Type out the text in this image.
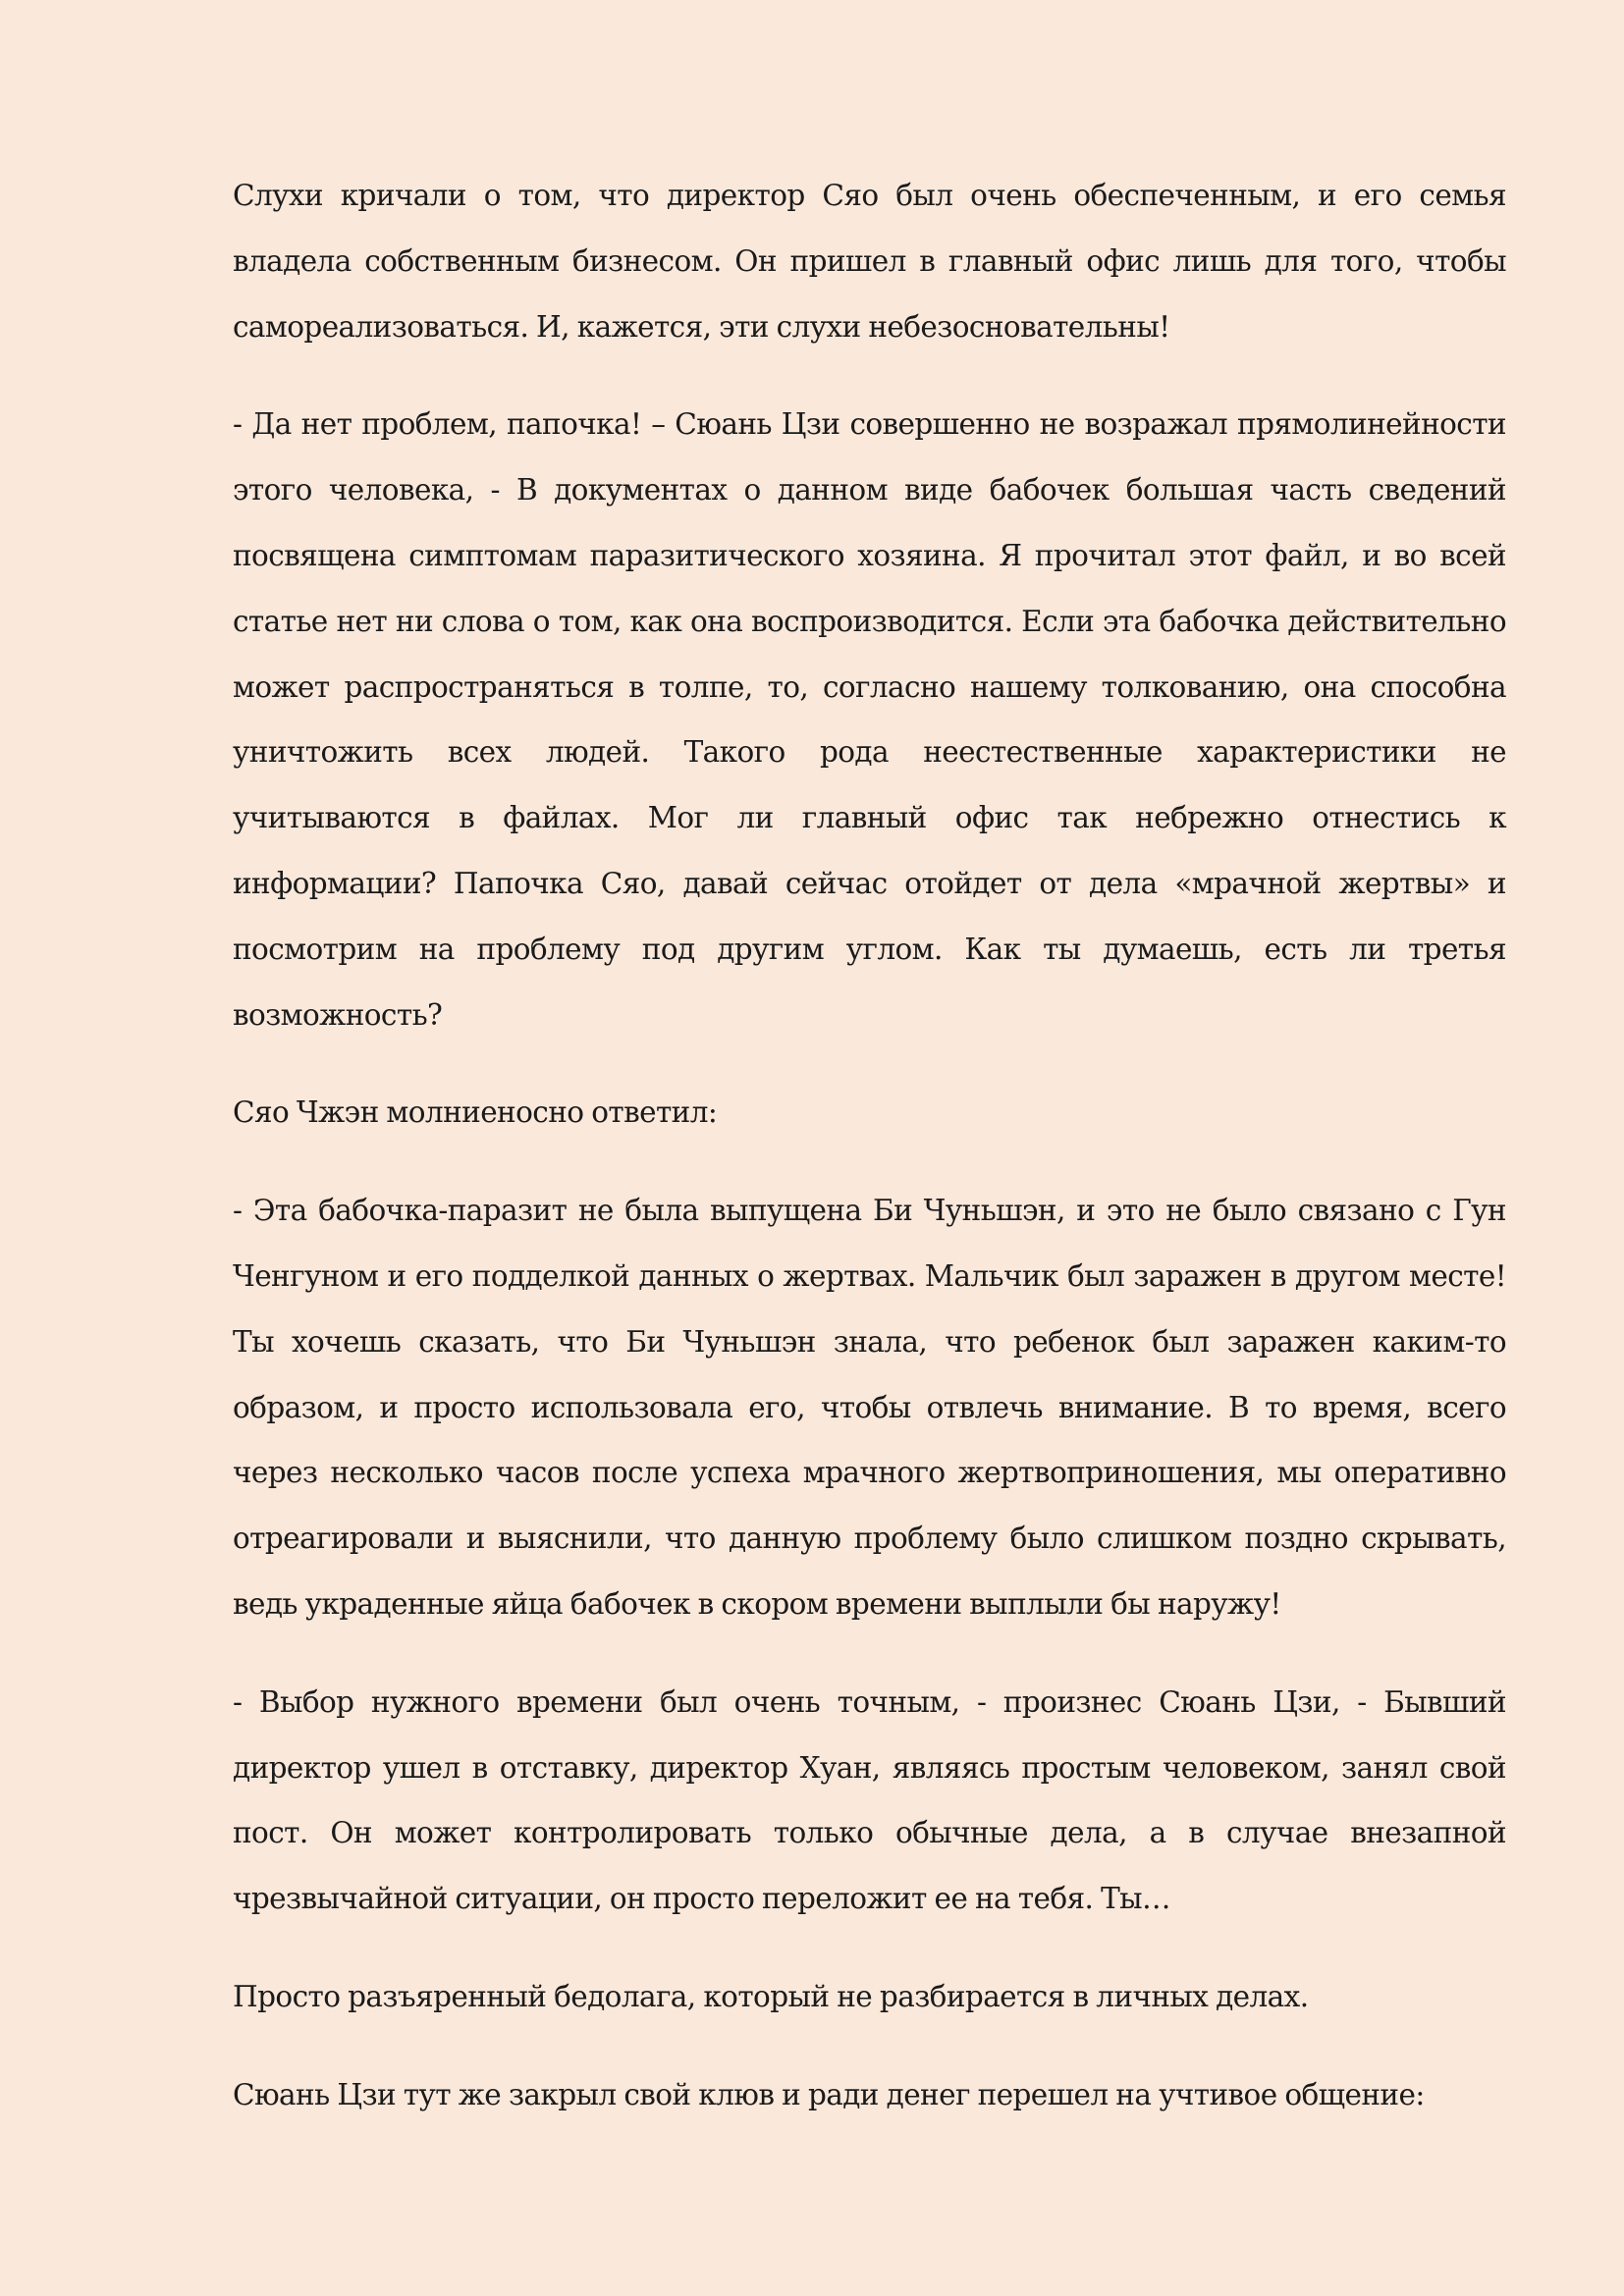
Слухи кричали о том, что директор Сяо был очень обеспеченным, и его семья владела собственным бизнесом. Он пришел в главный офис лишь для того, чтобы самореализоваться. И, кажется, эти слухи небезосновательны!

- Да нет проблем, папочка! – Сюань Цзи совершенно не возражал прямолинейности этого человека, - В документах о данном виде бабочек большая часть сведений посвящена симптомам паразитического хозяина. Я прочитал этот файл, и во всей статье нет ни слова о том, как она воспроизводится. Если эта бабочка действительно может распространяться в толпе, то, согласно нашему толкованию, она способна уничтожить всех людей. Такого рода неестественные характеристики не учитываются в файлах. Мог ли главный офис так небрежно отнестись к информации? Папочка Сяо, давай сейчас отойдет от дела «мрачной жертвы» и посмотрим на проблему под другим углом. Как ты думаешь, есть ли третья возможность?

Сяо Чжэн молниеносно ответил:

- Эта бабочка-паразит не была выпущена Би Чуньшэн, и это не было связано с Гун Ченгуном и его подделкой данных о жертвах. Мальчик был заражен в другом месте! Ты хочешь сказать, что Би Чуньшэн знала, что ребенок был заражен каким-то образом, и просто использовала его, чтобы отвлечь внимание. В то время, всего через несколько часов после успеха мрачного жертвоприношения, мы оперативно отреагировали и выяснили, что данную проблему было слишком поздно скрывать, ведь украденные яйца бабочек в скором времени выплыли бы наружу!

- Выбор нужного времени был очень точным, - произнес Сюань Цзи, - Бывший директор ушел в отставку, директор Хуан, являясь простым человеком, занял свой пост. Он может контролировать только обычные дела, а в случае внезапной чрезвычайной ситуации, он просто переложит ее на тебя. Ты…

Просто разъяренный бедолага, который не разбирается в личных делах.

Сюань Цзи тут же закрыл свой клюв и ради денег перешел на учтивое общение:
